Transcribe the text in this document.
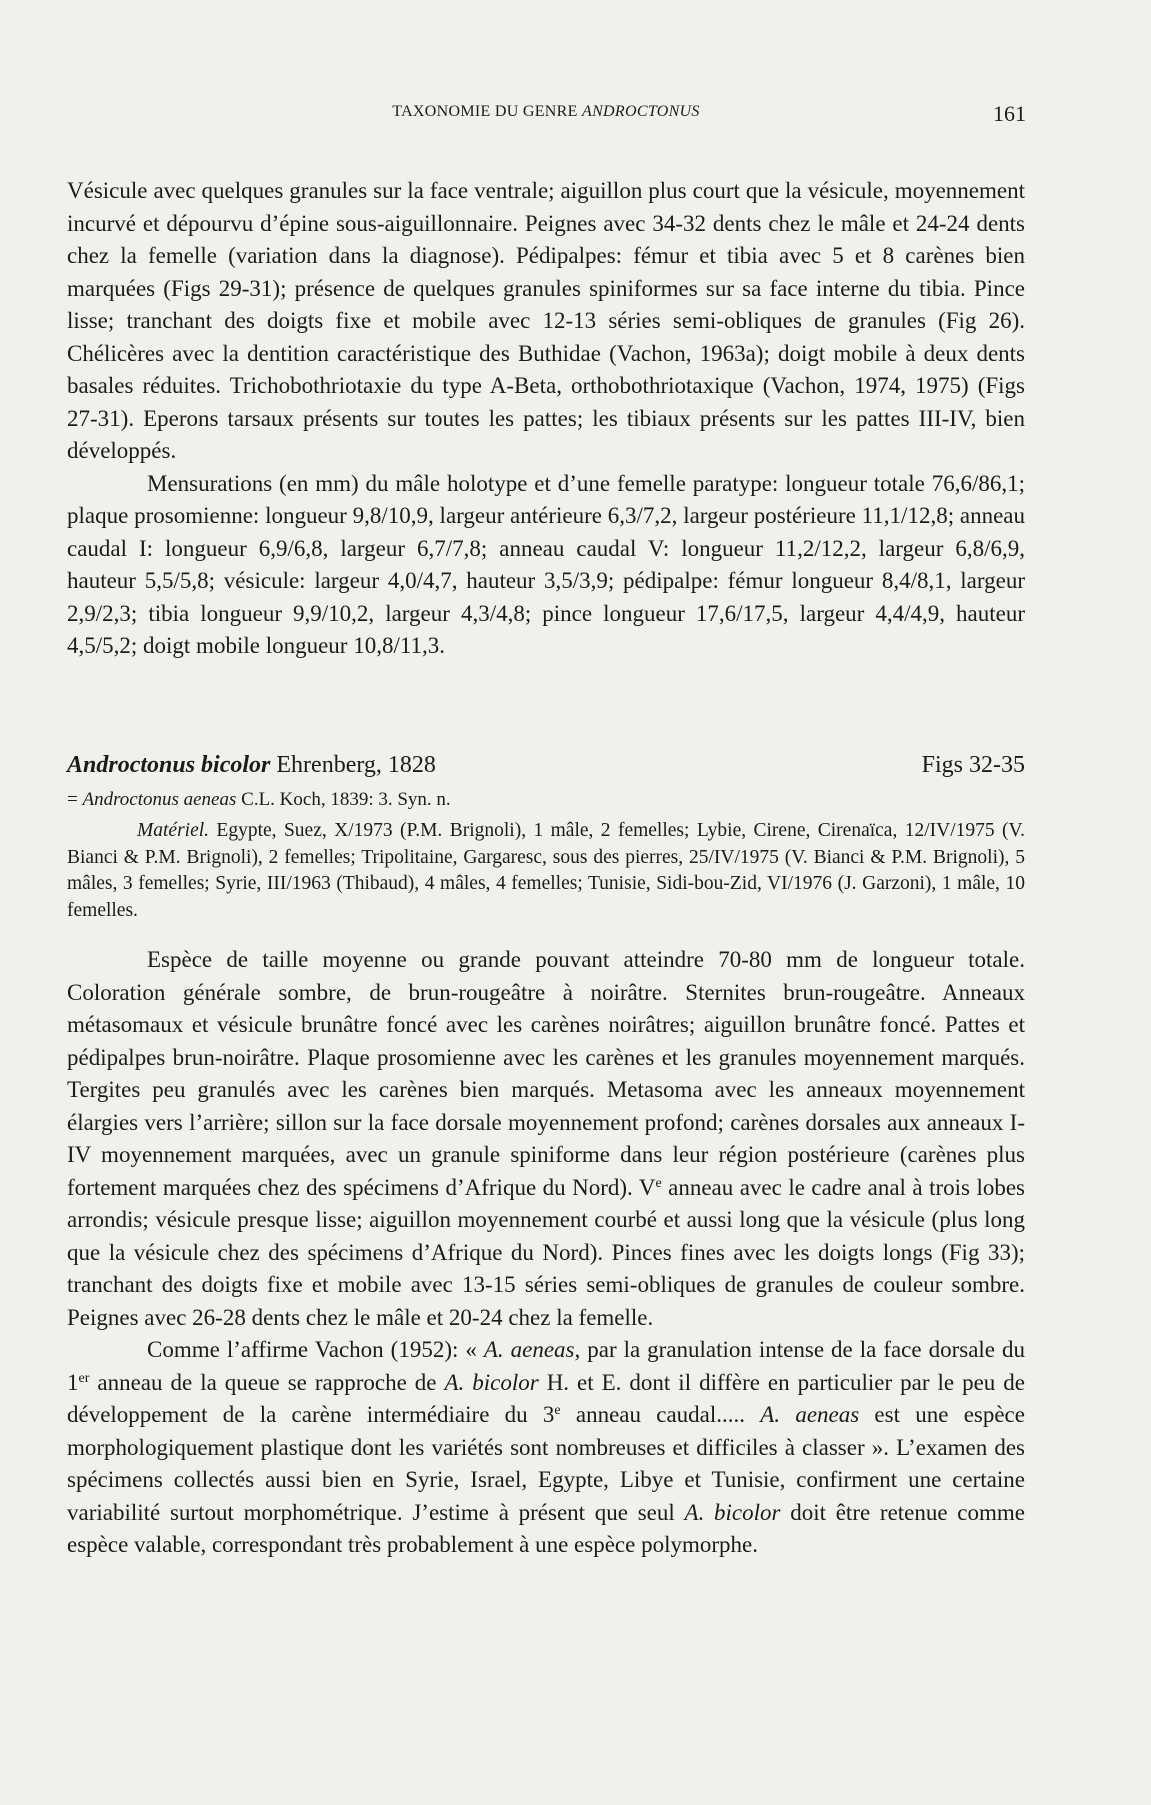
TAXONOMIE DU GENRE ANDROCTONUS	161

Vésicule avec quelques granules sur la face ventrale; aiguillon plus court que la vésicule, moyennement incurvé et dépourvu d’épine sous-aiguillonnaire. Peignes avec 34-32 dents chez le mâle et 24-24 dents chez la femelle (variation dans la diagnose). Pédipalpes: fémur et tibia avec 5 et 8 carènes bien marquées (Figs 29-31); présence de quelques granules spiniformes sur sa face interne du tibia. Pince lisse; tranchant des doigts fixe et mobile avec 12-13 séries semi-obliques de granules (Fig 26). Chélicères avec la dentition caractéristique des Buthidae (Vachon, 1963a); doigt mobile à deux dents basales réduites. Trichobothriotaxie du type A-Beta, orthobothriotaxique (Vachon, 1974, 1975) (Figs 27-31). Eperons tarsaux présents sur toutes les pattes; les tibiaux présents sur les pattes III-IV, bien développés.

Mensurations (en mm) du mâle holotype et d’une femelle paratype: longueur totale 76,6/86,1; plaque prosomienne: longueur 9,8/10,9, largeur antérieure 6,3/7,2, largeur postérieure 11,1/12,8; anneau caudal I: longueur 6,9/6,8, largeur 6,7/7,8; anneau caudal V: longueur 11,2/12,2, largeur 6,8/6,9, hauteur 5,5/5,8; vésicule: largeur 4,0/4,7, hauteur 3,5/3,9; pédipalpe: fémur longueur 8,4/8,1, largeur 2,9/2,3; tibia longueur 9,9/10,2, largeur 4,3/4,8; pince longueur 17,6/17,5, largeur 4,4/4,9, hauteur 4,5/5,2; doigt mobile longueur 10,8/11,3.

Androctonus bicolor Ehrenberg, 1828	Figs 32-35
= Androctonus aeneas C.L. Koch, 1839: 3. Syn. n.
Matériel. Egypte, Suez, X/1973 (P.M. Brignoli), 1 mâle, 2 femelles; Lybie, Cirene, Cirenaïca, 12/IV/1975 (V. Bianci & P.M. Brignoli), 2 femelles; Tripolitaine, Gargaresc, sous des pierres, 25/IV/1975 (V. Bianci & P.M. Brignoli), 5 mâles, 3 femelles; Syrie, III/1963 (Thibaud), 4 mâles, 4 femelles; Tunisie, Sidi-bou-Zid, VI/1976 (J. Garzoni), 1 mâle, 10 femelles.

Espèce de taille moyenne ou grande pouvant atteindre 70-80 mm de longueur totale. Coloration générale sombre, de brun-rougeâtre à noirâtre. Sternites brun-rougeâtre. Anneaux métasomaux et vésicule brunâtre foncé avec les carènes noirâtres; aiguillon brunâtre foncé. Pattes et pédipalpes brun-noirâtre. Plaque prosomienne avec les carènes et les granules moyennement marqués. Tergites peu granulés avec les carènes bien marqués. Metasoma avec les anneaux moyennement élargies vers l’arrière; sillon sur la face dorsale moyennement profond; carènes dorsales aux anneaux I-IV moyennement marquées, avec un granule spiniforme dans leur région postérieure (carènes plus fortement marquées chez des spécimens d’Afrique du Nord). Ve anneau avec le cadre anal à trois lobes arrondis; vésicule presque lisse; aiguillon moyennement courbé et aussi long que la vésicule (plus long que la vésicule chez des spécimens d’Afrique du Nord). Pinces fines avec les doigts longs (Fig 33); tranchant des doigts fixe et mobile avec 13-15 séries semi-obliques de granules de couleur sombre. Peignes avec 26-28 dents chez le mâle et 20-24 chez la femelle.

Comme l’affirme Vachon (1952): « A. aeneas, par la granulation intense de la face dorsale du 1er anneau de la queue se rapproche de A. bicolor H. et E. dont il diffère en particulier par le peu de développement de la carène intermédiaire du 3e anneau caudal..... A. aeneas est une espèce morphologiquement plastique dont les variétés sont nombreuses et difficiles à classer ». L’examen des spécimens collectés aussi bien en Syrie, Israel, Egypte, Libye et Tunisie, confirment une certaine variabilité surtout morphométrique. J’estime à présent que seul A. bicolor doit être retenue comme espèce valable, correspondant très probablement à une espèce polymorphe.
